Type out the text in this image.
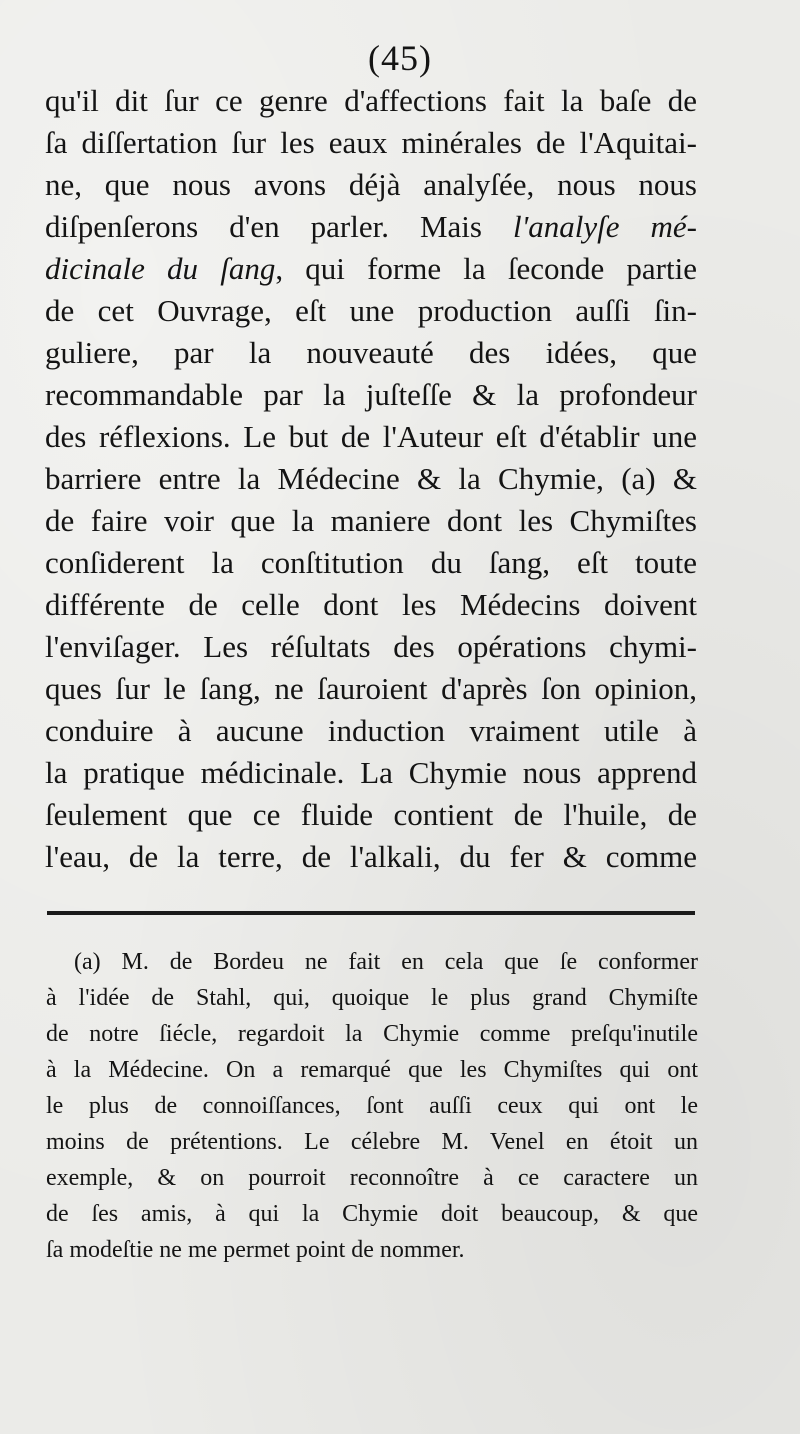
(45)
qu'il dit ſur ce genre d'affections fait la baſe de
ſa diſſertation ſur les eaux minérales de l'Aquitai-
ne, que nous avons déjà analyſée, nous nous
diſpenſerons d'en parler. Mais l'analyſe mé-
dicinale du ſang, qui forme la ſeconde partie
de cet Ouvrage, eſt une production auſſi ſin-
guliere, par la nouveauté des idées, que
recommandable par la juſteſſe & la profondeur
des réflexions. Le but de l'Auteur eſt d'établir une
barriere entre la Médecine & la Chymie, (a) &
de faire voir que la maniere dont les Chymiſtes
conſiderent la conſtitution du ſang, eſt toute
différente de celle dont les Médecins doivent
l'enviſager. Les réſultats des opérations chymi-
ques ſur le ſang, ne ſauroient d'après ſon opinion,
conduire à aucune induction vraiment utile à
la pratique médicinale. La Chymie nous apprend
ſeulement que ce fluide contient de l'huile, de
l'eau, de la terre, de l'alkali, du fer & comme
(a) M. de Bordeu ne fait en cela que ſe conformer
à l'idée de Stahl, qui, quoique le plus grand Chymiſte
de notre ſiécle, regardoit la Chymie comme preſqu'inutile
à la Médecine. On a remarqué que les Chymiſtes qui ont
le plus de connoiſſances, ſont auſſi ceux qui ont le
moins de prétentions. Le célebre M. Venel en étoit un
exemple, & on pourroit reconnoître à ce caractere un
de ſes amis, à qui la Chymie doit beaucoup, & que
ſa modeſtie ne me permet point de nommer.
